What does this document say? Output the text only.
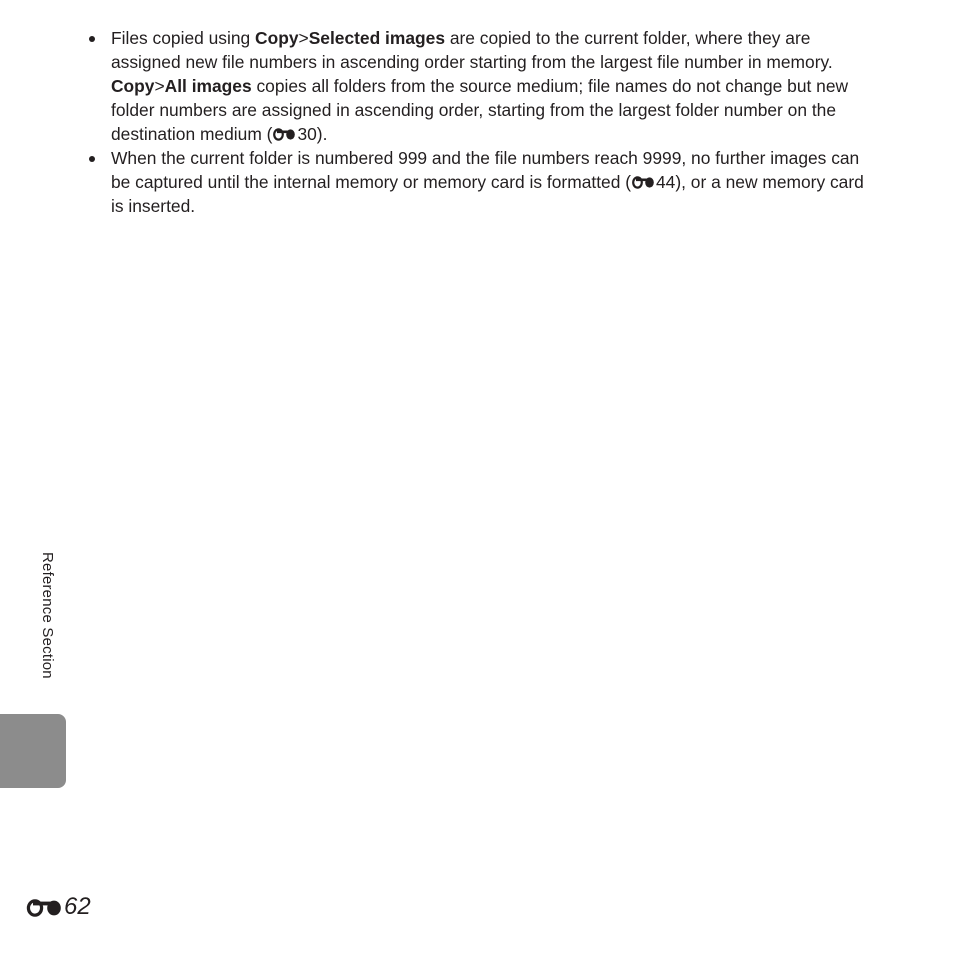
Files copied using Copy>Selected images are copied to the current folder, where they are assigned new file numbers in ascending order starting from the largest file number in memory. Copy>All images copies all folders from the source medium; file names do not change but new folder numbers are assigned in ascending order, starting from the largest folder number on the destination medium ( 30).
When the current folder is numbered 999 and the file numbers reach 9999, no further images can be captured until the internal memory or memory card is formatted ( 44), or a new memory card is inserted.
Reference Section
62
